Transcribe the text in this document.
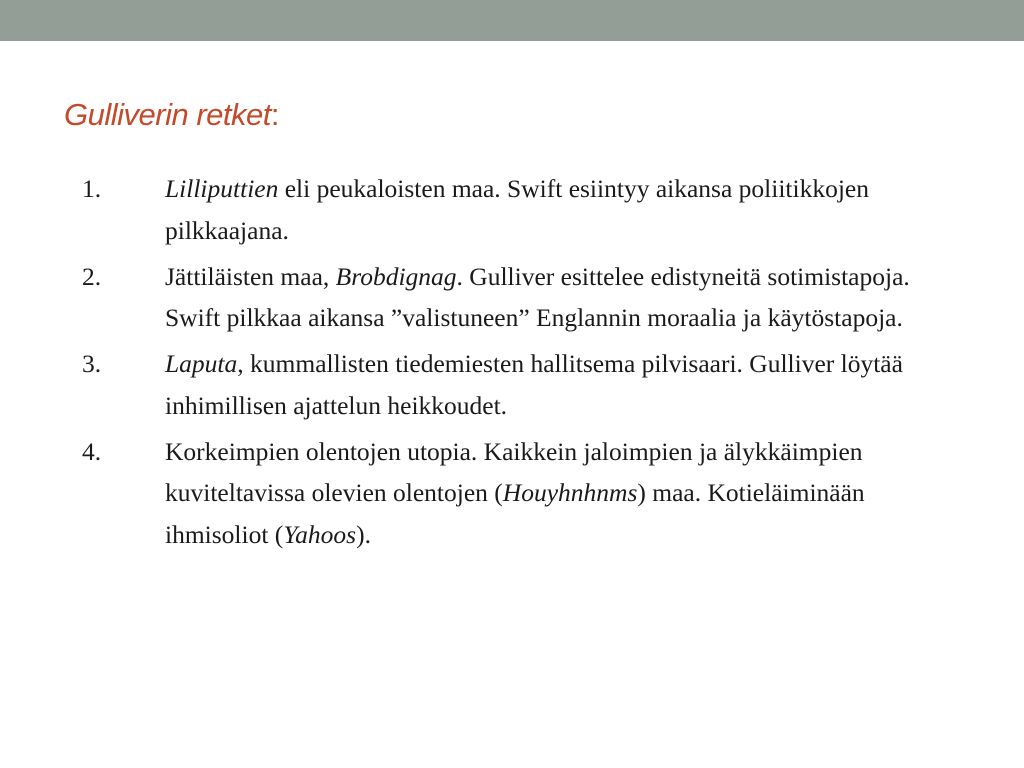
Gulliverin retket:
1.	Lilliputtien eli peukaloisten maa. Swift esiintyy aikansa poliitikkojen pilkkaajana.
2.	Jättiläisten maa, Brobdignag. Gulliver esittelee edistyneitä sotimistapoja. Swift pilkkaa aikansa ”valistuneen” Englannin moraalia ja käytöstapoja.
3.	Laputa, kummallisten tiedemiesten hallitsema pilvisaari. Gulliver löytää inhimillisen ajattelun heikkoudet.
4.	Korkeimpien olentojen utopia. Kaikkein jaloimpien ja älykkäimpien kuviteltavissa olevien olentojen (Houyhnhnms) maa. Kotieläiminään ihmisoliot (Yahoos).
